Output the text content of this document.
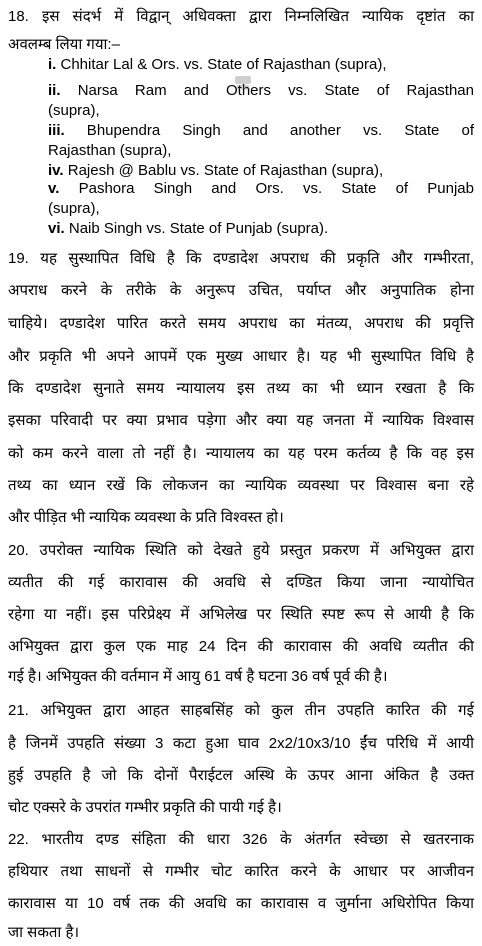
18. इस संदर्भ में विद्वान् अधिवक्ता द्वारा निम्नलिखित न्यायिक दृष्टांत का
अवलम्ब लिया गया:–
i. Chhitar Lal & Ors. vs. State of Rajasthan (supra),
ii. Narsa Ram and Others vs. State of Rajasthan
(supra),
iii. Bhupendra Singh and another vs. State of
Rajasthan (supra),
iv. Rajesh @ Bablu vs. State of Rajasthan (supra),
v. Pashora Singh and Ors. vs. State of Punjab
(supra),
vi. Naib Singh vs. State of Punjab (supra).
19. यह सुस्थापित विधि है कि दण्डादेश अपराध की प्रकृति और गम्भीरता,
अपराध करने के तरीके के अनुरूप उचित, पर्याप्त और अनुपातिक होना
चाहिये। दण्डादेश पारित करते समय अपराध का मंतव्य, अपराध की प्रवृत्ति
और प्रकृति भी अपने आपमें एक मुख्य आधार है। यह भी सुस्थापित विधि है
कि दण्डादेश सुनाते समय न्यायालय इस तथ्य का भी ध्यान रखता है कि
इसका परिवादी पर क्या प्रभाव पड़ेगा और क्या यह जनता में न्यायिक विश्वास
को कम करने वाला तो नहीं है। न्यायालय का यह परम कर्तव्य है कि वह इस
तथ्य का ध्यान रखें कि लोकजन का न्यायिक व्यवस्था पर विश्वास बना रहे
और पीड़ित भी न्यायिक व्यवस्था के प्रति विश्वस्त हो।
20. उपरोक्त न्यायिक स्थिति को देखते हुये प्रस्तुत प्रकरण में अभियुक्त द्वारा
व्यतीत की गई कारावास की अवधि से दण्डित किया जाना न्यायोचित
रहेगा या नहीं। इस परिप्रेक्ष्य में अभिलेख पर स्थिति स्पष्ट रूप से आयी है कि
अभियुक्त द्वारा कुल एक माह 24 दिन की कारावास की अवधि व्यतीत की
गई है। अभियुक्त की वर्तमान में आयु 61 वर्ष है घटना 36 वर्ष पूर्व की है।
21. अभियुक्त द्वारा आहत साहबसिंह को कुल तीन उपहति कारित की गई
है जिनमें उपहति संख्या 3 कटा हुआ घाव 2x2/10x3/10 ईंच परिधि में आयी
हुई उपहति है जो कि दोनों पैराईटल अस्थि के ऊपर आना अंकित है उक्त
चोट एक्सरे के उपरांत गम्भीर प्रकृति की पायी गई है।
22. भारतीय दण्ड संहिता की धारा 326 के अंतर्गत स्वेच्छा से खतरनाक
हथियार तथा साधनों से गम्भीर चोट कारित करने के आधार पर आजीवन
कारावास या 10 वर्ष तक की अवधि का कारावास व जुर्माना अधिरोपित किया
जा सकता है।
